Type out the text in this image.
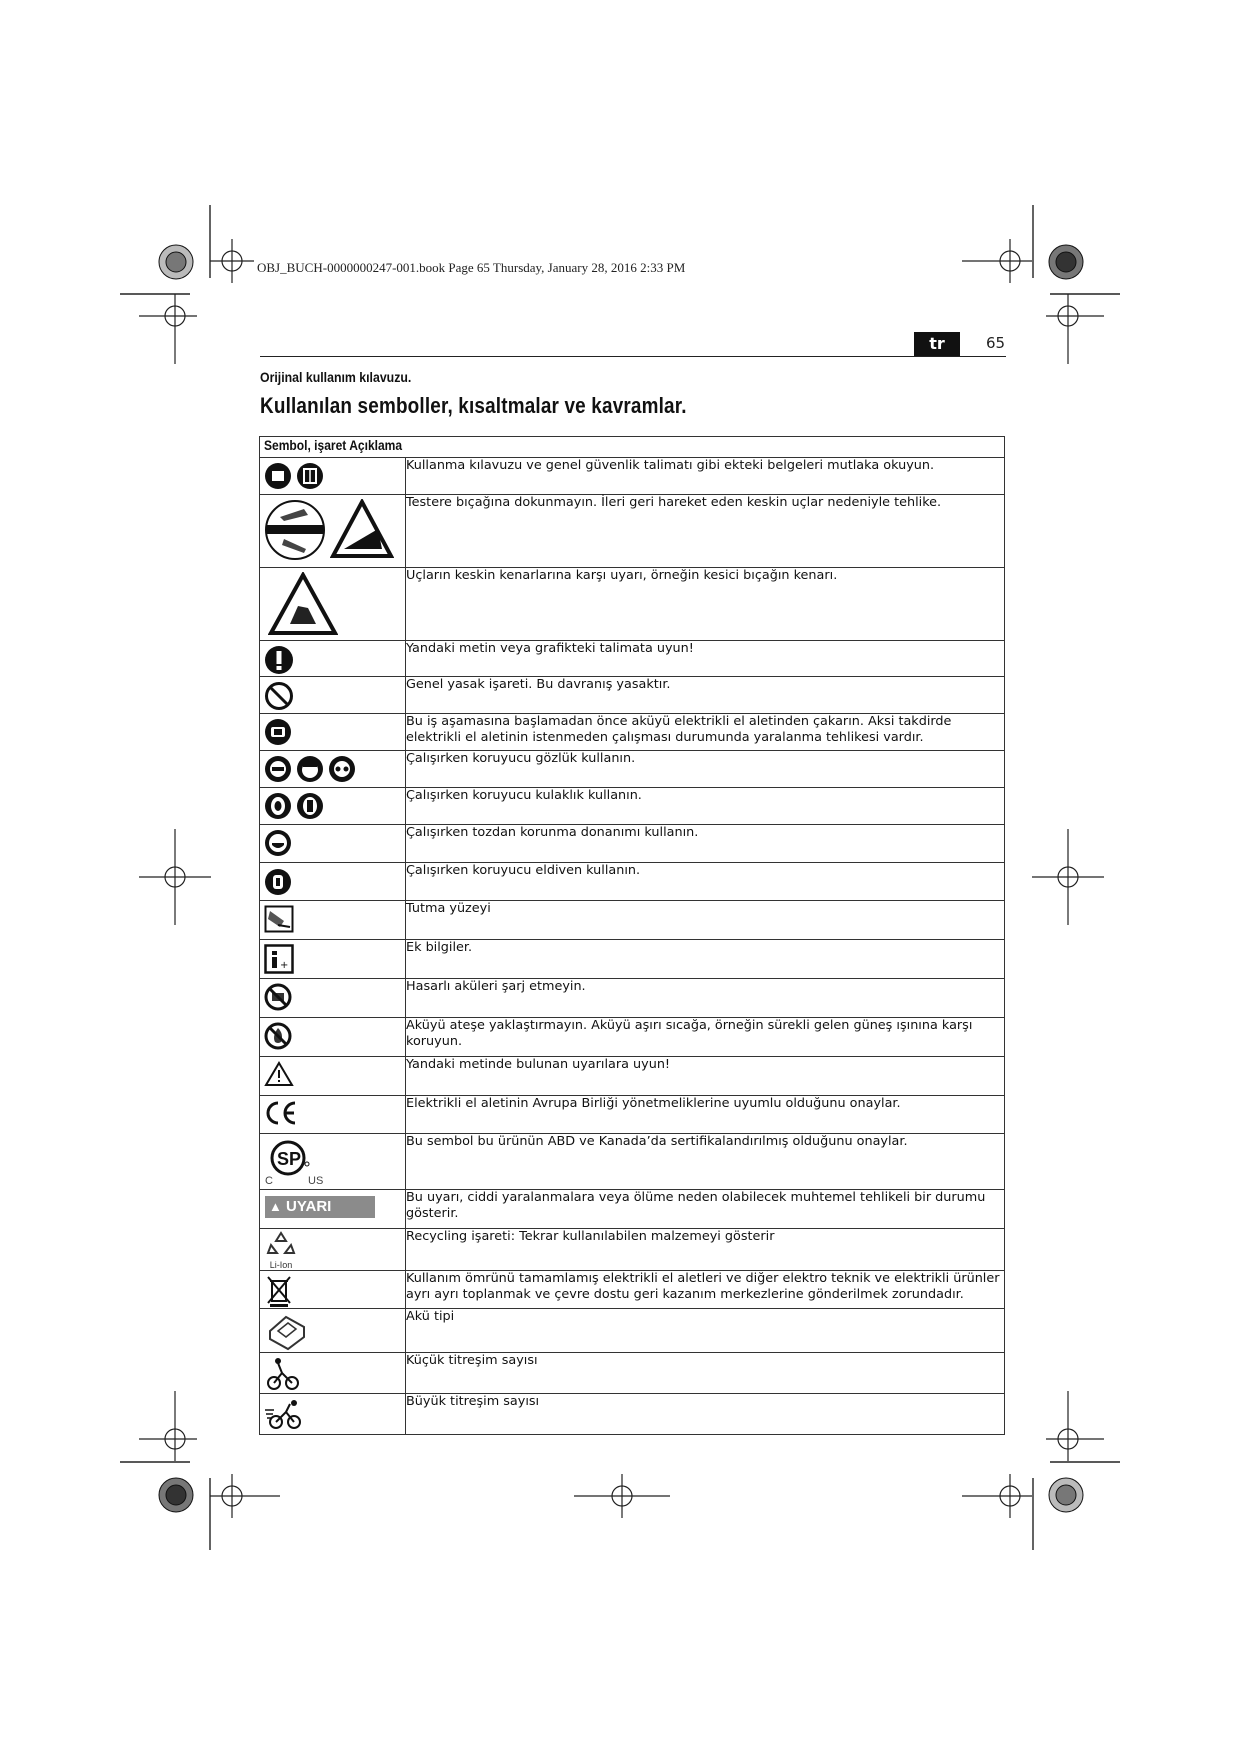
OBJ_BUCH-0000000247-001.book Page 65 Thursday, January 28, 2016 2:33 PM
tr	65
Orijinal kullanım kılavuzu.
Kullanılan semboller, kısaltmalar ve kavramlar.
Sembol, işaret Açıklama	

	Kullanma kılavuzu ve genel güvenlik talimatı gibi ekteki belgeleri mutlaka okuyun.

	Testere bıçağına dokunmayın. İleri geri hareket eden keskin uçlar nedeniyle tehlike.

	Uçların keskin kenarlarına karşı uyarı, örneğin kesici bıçağın kenarı.

	Yandaki metin veya grafikteki talimata uyun!

	Genel yasak işareti. Bu davranış yasaktır.

	Bu iş aşamasına başlamadan önce aküyü elektrikli el aletinden çakarın. Aksi takdirde elektrikli el aletinin istenmeden çalışması durumunda yaralanma tehlikesi vardır.

	Çalışırken koruyucu gözlük kullanın.

	Çalışırken koruyucu kulaklık kullanın.

	Çalışırken tozdan korunma donanımı kullanın.

	Çalışırken koruyucu eldiven kullanın.

	Tutma yüzeyi

+	Ek bilgiler.

	Hasarlı aküleri şarj etmeyin.

	Aküyü ateşe yaklaştırmayın. Aküyü aşırı sıcağa, örneğin sürekli gelen güneş ışınına karşı koruyun.

	Yandaki metinde bulunan uyarılara uyun!

	Elektrikli el aletinin Avrupa Birliği yönetmeliklerine uyumlu olduğunu onaylar.

SP
C US	Bu sembol bu ürünün ABD ve Kanada’da sertifikalandırılmış olduğunu onaylar.

▲ UYARI	Bu uyarı, ciddi yaralanmalara veya ölüme neden olabilecek muhtemel tehlikeli bir durumu gösterir.

Li-Ion	Recycling işareti: Tekrar kullanılabilen malzemeyi gösterir

	Kullanım ömrünü tamamlamış elektrikli el aletleri ve diğer elektro teknik ve elektrikli ürünler ayrı ayrı toplanmak ve çevre dostu geri kazanım merkezlerine gönderilmek zorundadır.

	Akü tipi

	Küçük titreşim sayısı

	Büyük titreşim sayısı
